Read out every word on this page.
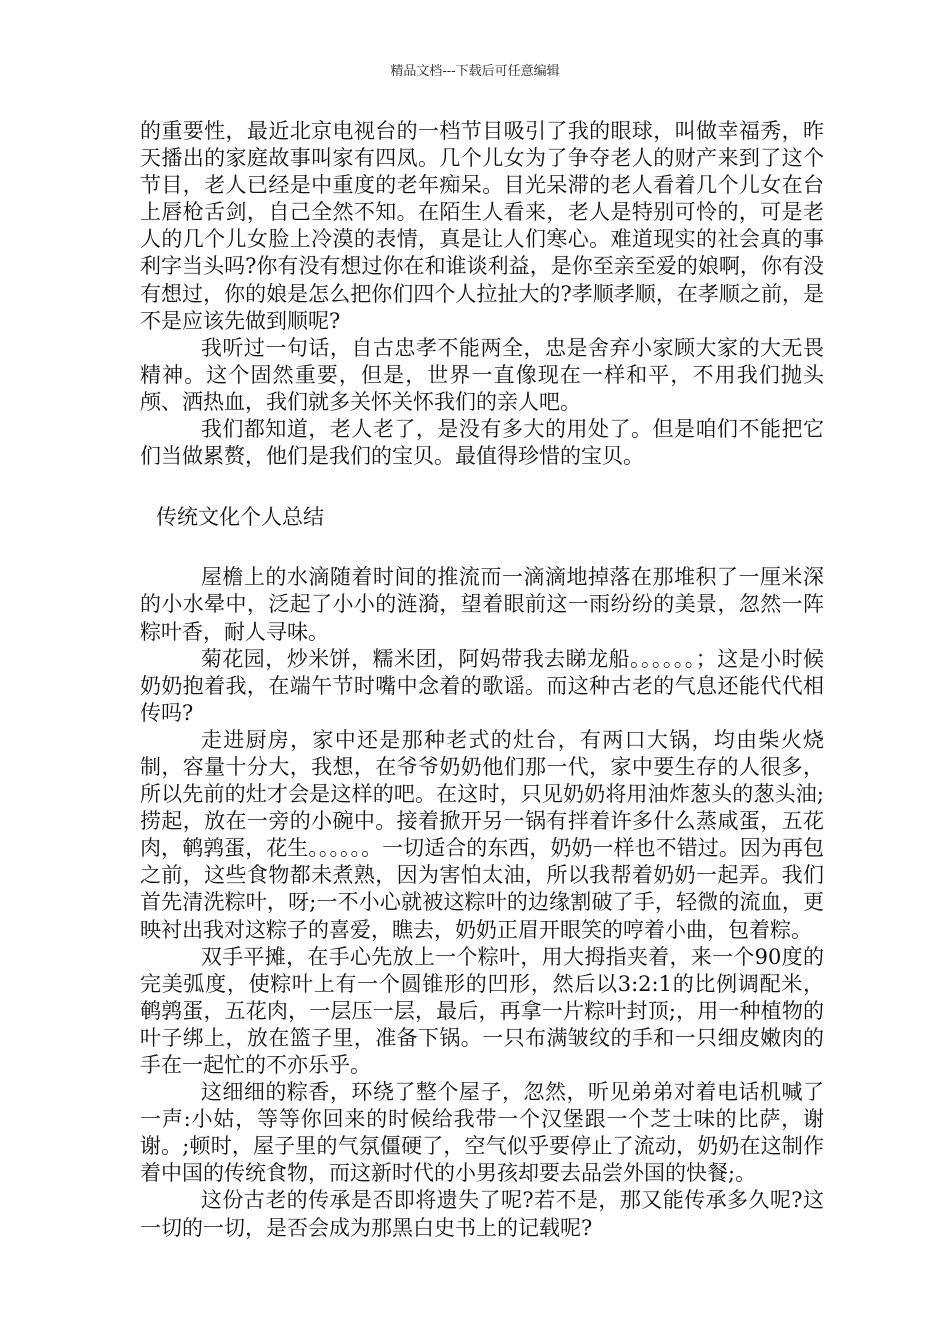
精品文档---下载后可任意编辑

的重要性，最近北京电视台的一档节目吸引了我的眼球，叫做幸福秀，昨天播出的家庭故事叫家有四凤。几个儿女为了争夺老人的财产来到了这个节目，老人已经是中重度的老年痴呆。目光呆滞的老人看着几个儿女在台上唇枪舌剑，自己全然不知。在陌生人看来，老人是特别可怜的，可是老人的几个儿女脸上冷漠的表情，真是让人们寒心。难道现实的社会真的事利字当头吗?你有没有想过你在和谁谈利益，是你至亲至爱的娘啊，你有没有想过，你的娘是怎么把你们四个人拉扯大的?孝顺孝顺，在孝顺之前，是不是应该先做到顺呢?

我听过一句话，自古忠孝不能两全，忠是舍弃小家顾大家的大无畏精神。这个固然重要，但是，世界一直像现在一样和平，不用我们抛头颅、洒热血，我们就多关怀关怀我们的亲人吧。

我们都知道，老人老了，是没有多大的用处了。但是咱们不能把它们当做累赘，他们是我们的宝贝。最值得珍惜的宝贝。

传统文化个人总结

屋檐上的水滴随着时间的推流而一滴滴地掉落在那堆积了一厘米深的小水晕中，泛起了小小的涟漪，望着眼前这一雨纷纷的美景，忽然一阵粽叶香，耐人寻味。

菊花园，炒米饼，糯米团，阿妈带我去睇龙船。。。。。。；这是小时候奶奶抱着我，在端午节时嘴中念着的歌谣。而这种古老的气息还能代代相传吗?

走进厨房，家中还是那种老式的灶台，有两口大锅，均由柴火烧制，容量十分大，我想，在爷爷奶奶他们那一代，家中要生存的人很多，所以先前的灶才会是这样的吧。在这时，只见奶奶将用油炸葱头的葱头油;捞起，放在一旁的小碗中。接着掀开另一锅有拌着许多什么蒸咸蛋，五花肉，鹌鹑蛋，花生。。。。。。一切适合的东西，奶奶一样也不错过。因为再包之前，这些食物都未煮熟，因为害怕太油，所以我帮着奶奶一起弄。我们首先清洗粽叶，呀;一不小心就被这粽叶的边缘割破了手，轻微的流血，更映衬出我对这粽子的喜爱，瞧去，奶奶正眉开眼笑的哼着小曲，包着粽。

双手平摊，在手心先放上一个粽叶，用大拇指夹着，来一个90度的完美弧度，使粽叶上有一个圆锥形的凹形，然后以3:2:1的比例调配米，鹌鹑蛋，五花肉，一层压一层，最后，再拿一片粽叶封顶;，用一种植物的叶子绑上，放在篮子里，准备下锅。一只布满皱纹的手和一只细皮嫩肉的手在一起忙的不亦乐乎。

这细细的粽香，环绕了整个屋子，忽然，听见弟弟对着电话机喊了一声:小姑，等等你回来的时候给我带一个汉堡跟一个芝士味的比萨，谢谢。;顿时，屋子里的气氛僵硬了，空气似乎要停止了流动，奶奶在这制作着中国的传统食物，而这新时代的小男孩却要去品尝外国的快餐;。

这份古老的传承是否即将遗失了呢?若不是，那又能传承多久呢?这一切的一切，是否会成为那黑白史书上的记载呢?
